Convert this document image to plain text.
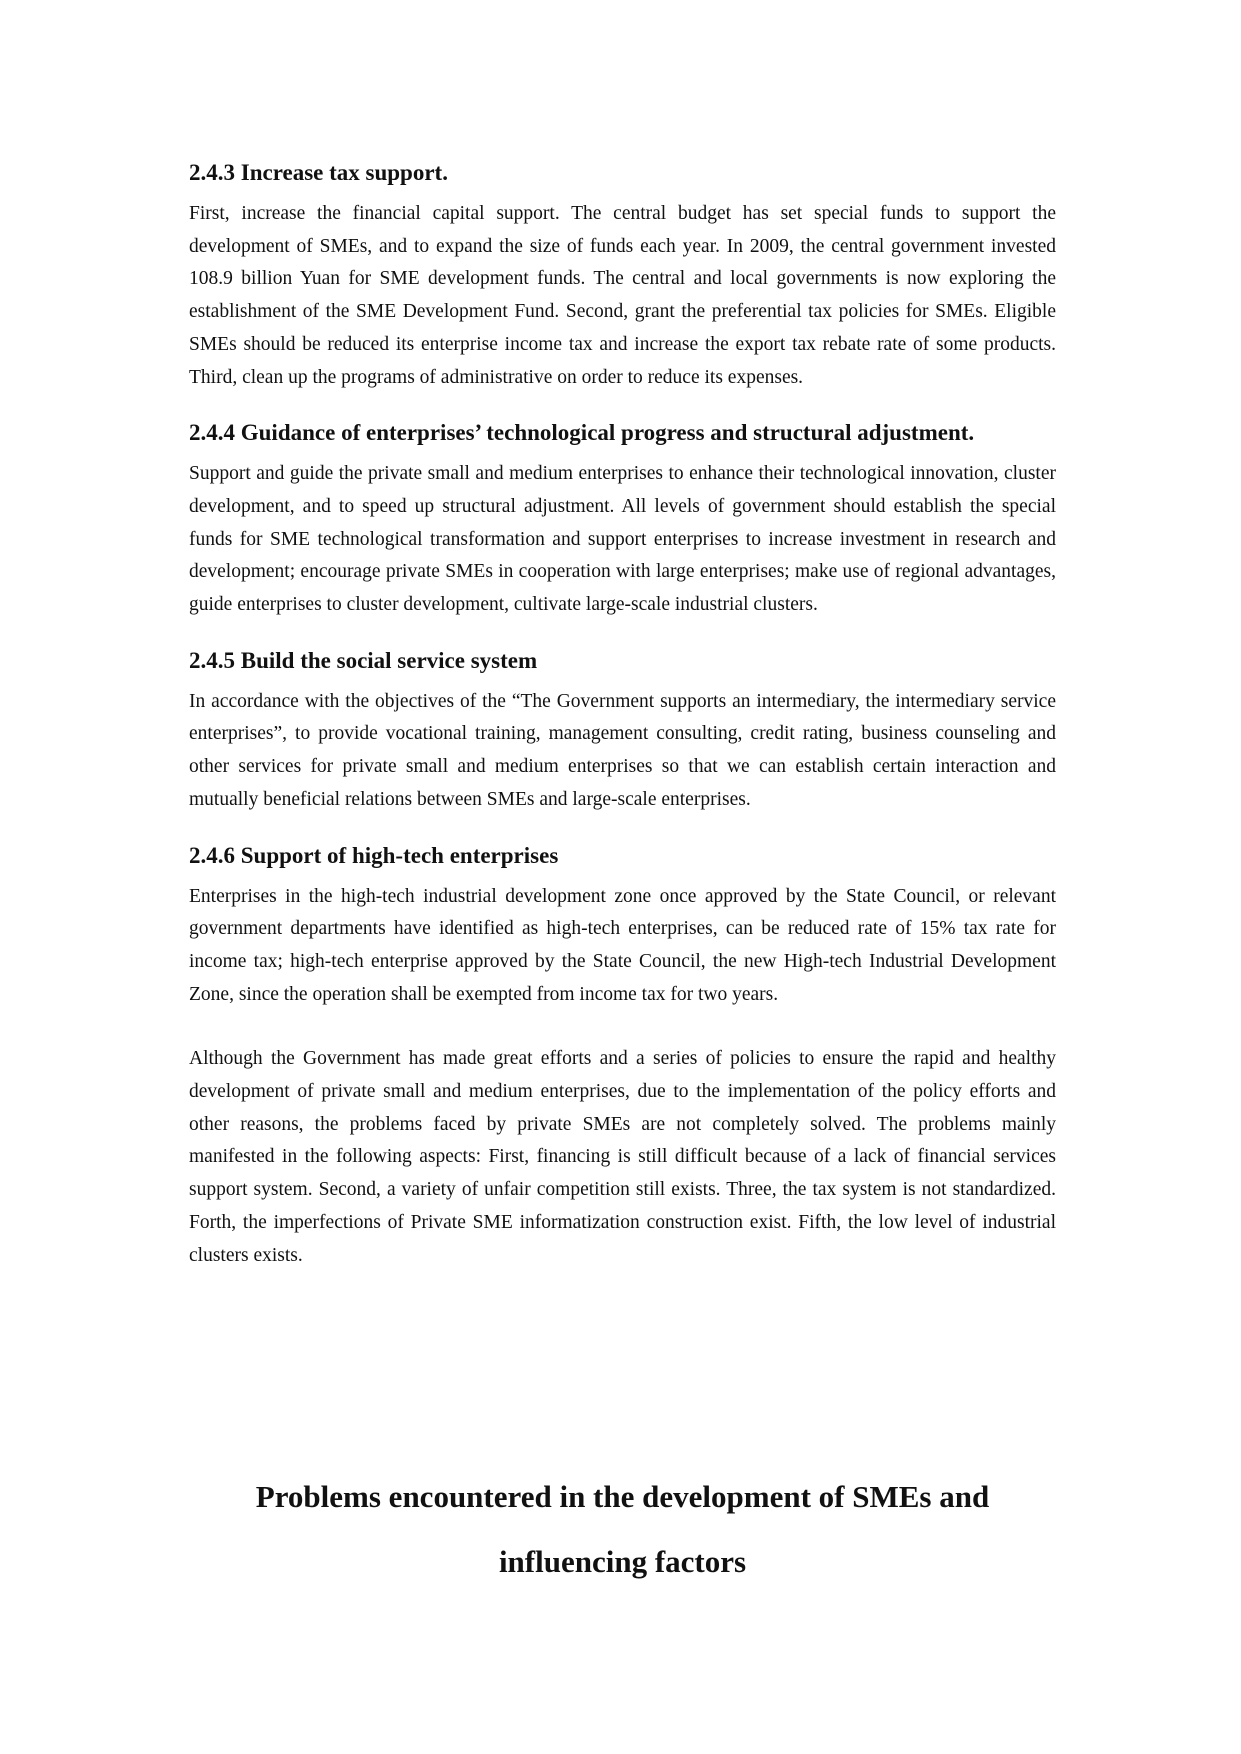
2.4.3 Increase tax support.

First, increase the financial capital support. The central budget has set special funds to support the development of SMEs, and to expand the size of funds each year. In 2009, the central government invested 108.9 billion Yuan for SME development funds. The central and local governments is now exploring the establishment of the SME Development Fund. Second, grant the preferential tax policies for SMEs. Eligible SMEs should be reduced its enterprise income tax and increase the export tax rebate rate of some products. Third, clean up the programs of administrative on order to reduce its expenses.

2.4.4 Guidance of enterprises’ technological progress and structural adjustment.

Support and guide the private small and medium enterprises to enhance their technological innovation, cluster development, and to speed up structural adjustment. All levels of government should establish the special funds for SME technological transformation and support enterprises to increase investment in research and development; encourage private SMEs in cooperation with large enterprises; make use of regional advantages, guide enterprises to cluster development, cultivate large-scale industrial clusters.

2.4.5 Build the social service system

In accordance with the objectives of the “The Government supports an intermediary, the intermediary service enterprises”, to provide vocational training, management consulting, credit rating, business counseling and other services for private small and medium enterprises so that we can establish certain interaction and mutually beneficial relations between SMEs and large-scale enterprises.

2.4.6 Support of high-tech enterprises

Enterprises in the high-tech industrial development zone once approved by the State Council, or relevant government departments have identified as high-tech enterprises, can be reduced rate of 15% tax rate for income tax; high-tech enterprise approved by the State Council, the new High-tech Industrial Development Zone, since the operation shall be exempted from income tax for two years.

Although the Government has made great efforts and a series of policies to ensure the rapid and healthy development of private small and medium enterprises, due to the implementation of the policy efforts and other reasons, the problems faced by private SMEs are not completely solved. The problems mainly manifested in the following aspects: First, financing is still difficult because of a lack of financial services support system. Second, a variety of unfair competition still exists. Three, the tax system is not standardized. Forth, the imperfections of Private SME informatization construction exist. Fifth, the low level of industrial clusters exists.

Problems encountered in the development of SMEs and
influencing factors
